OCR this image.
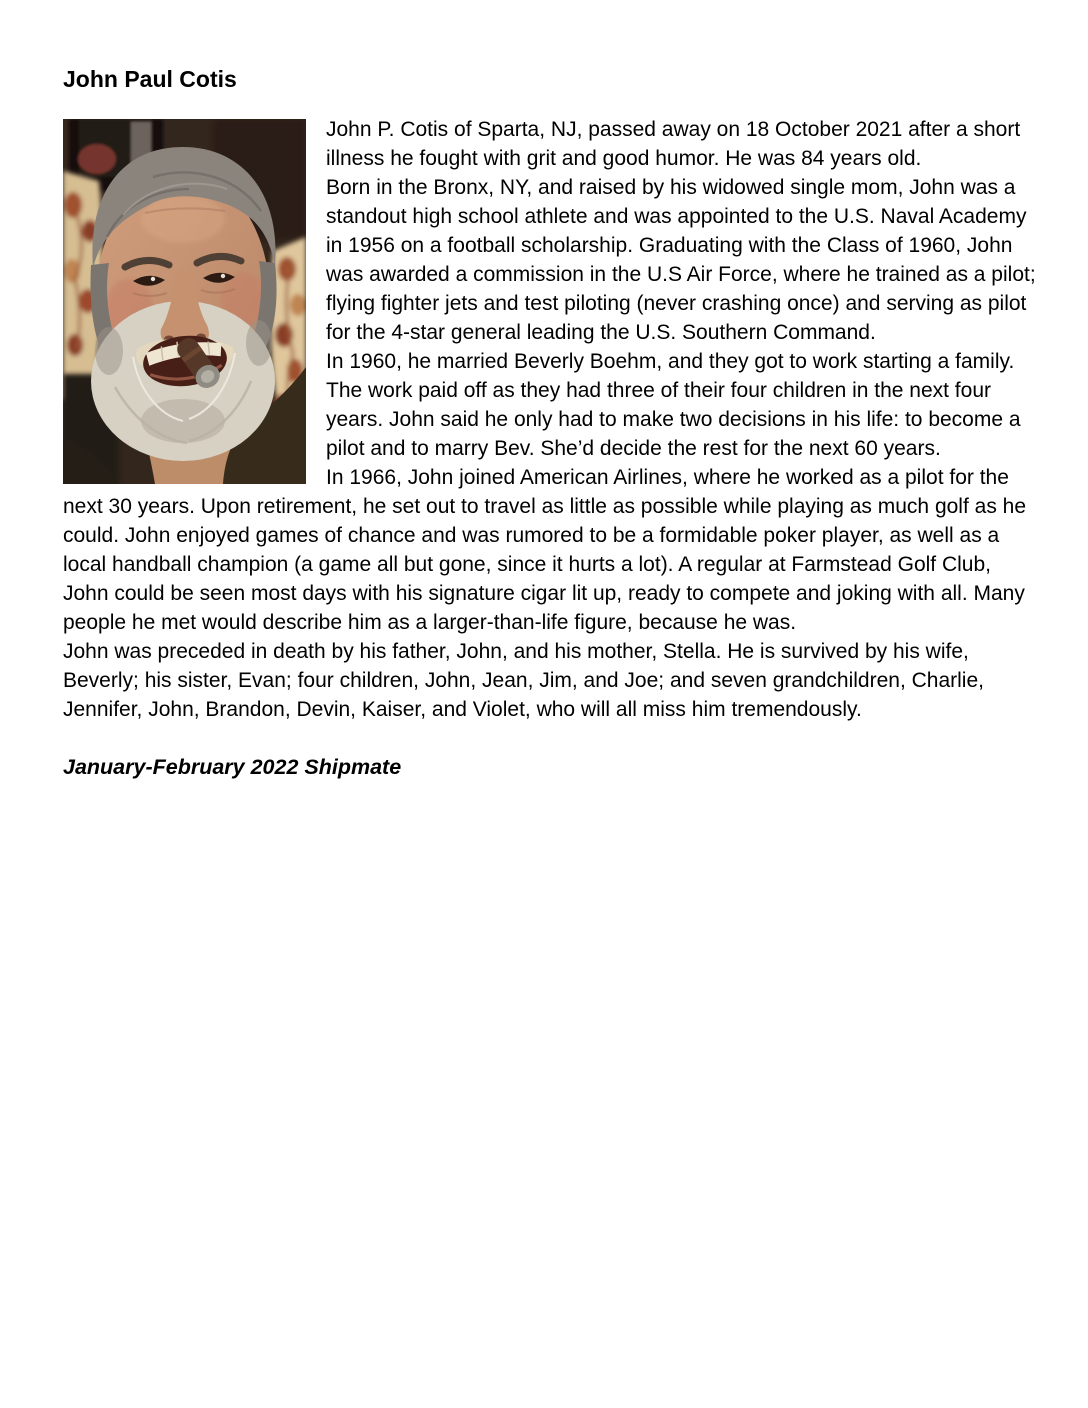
John Paul Cotis

John P. Cotis of Sparta, NJ, passed away on 18 October 2021 after a short illness he fought with grit and good humor. He was 84 years old.

Born in the Bronx, NY, and raised by his widowed single mom, John was a standout high school athlete and was appointed to the U.S. Naval Academy in 1956 on a football scholarship. Graduating with the Class of 1960, John was awarded a commission in the U.S Air Force, where he trained as a pilot; flying fighter jets and test piloting (never crashing once) and serving as pilot for the 4-star general leading the U.S. Southern Command.

In 1960, he married Beverly Boehm, and they got to work starting a family. The work paid off as they had three of their four children in the next four years. John said he only had to make two decisions in his life: to become a pilot and to marry Bev. She’d decide the rest for the next 60 years.

In 1966, John joined American Airlines, where he worked as a pilot for the next 30 years. Upon retirement, he set out to travel as little as possible while playing as much golf as he could. John enjoyed games of chance and was rumored to be a formidable poker player, as well as a local handball champion (a game all but gone, since it hurts a lot). A regular at Farmstead Golf Club, John could be seen most days with his signature cigar lit up, ready to compete and joking with all. Many people he met would describe him as a larger-than-life figure, because he was.

John was preceded in death by his father, John, and his mother, Stella. He is survived by his wife, Beverly; his sister, Evan; four children, John, Jean, Jim, and Joe; and seven grandchildren, Charlie, Jennifer, John, Brandon, Devin, Kaiser, and Violet, who will all miss him tremendously.

January-February 2022 Shipmate
